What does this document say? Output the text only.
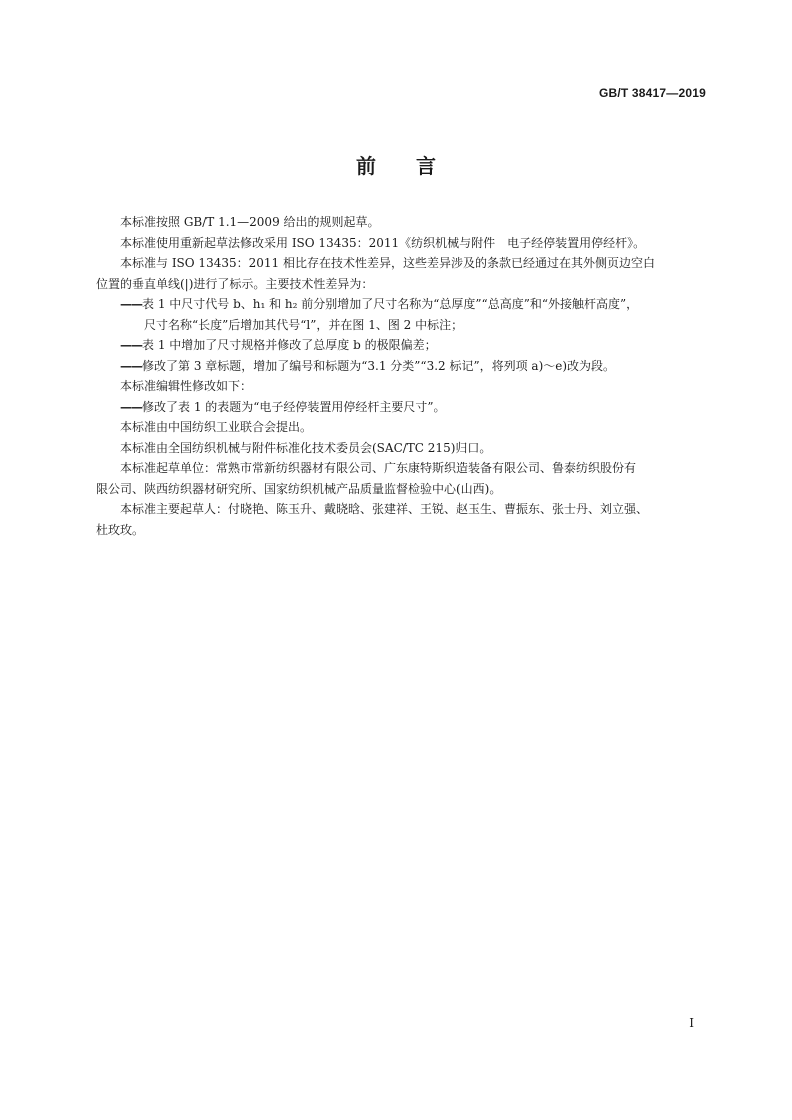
GB/T 38417—2019
前言

本标准按照 GB/T 1.1—2009 给出的规则起草。

本标准使用重新起草法修改采用 ISO 13435：2011《纺织机械与附件　电子经停装置用停经杆》。

本标准与 ISO 13435：2011 相比存在技术性差异，这些差异涉及的条款已经通过在其外侧页边空白

位置的垂直单线(|)进行了标示。主要技术性差异为：

——表 1 中尺寸代号 b、h₁ 和 h₂ 前分别增加了尺寸名称为“总厚度”“总高度”和“外接触杆高度”，

尺寸名称“长度”后增加其代号“l”，并在图 1、图 2 中标注；

——表 1 中增加了尺寸规格并修改了总厚度 b 的极限偏差；

——修改了第 3 章标题，增加了编号和标题为“3.1 分类”“3.2 标记”，将列项 a)～e)改为段。

本标准编辑性修改如下：

——修改了表 1 的表题为“电子经停装置用停经杆主要尺寸”。

本标准由中国纺织工业联合会提出。

本标准由全国纺织机械与附件标准化技术委员会(SAC/TC 215)归口。

本标准起草单位：常熟市常新纺织器材有限公司、广东康特斯织造装备有限公司、鲁泰纺织股份有

限公司、陕西纺织器材研究所、国家纺织机械产品质量监督检验中心(山西)。

本标准主要起草人：付晓艳、陈玉升、戴晓晗、张建祥、王锐、赵玉生、曹振东、张士丹、刘立强、

杜玫玫。

I
